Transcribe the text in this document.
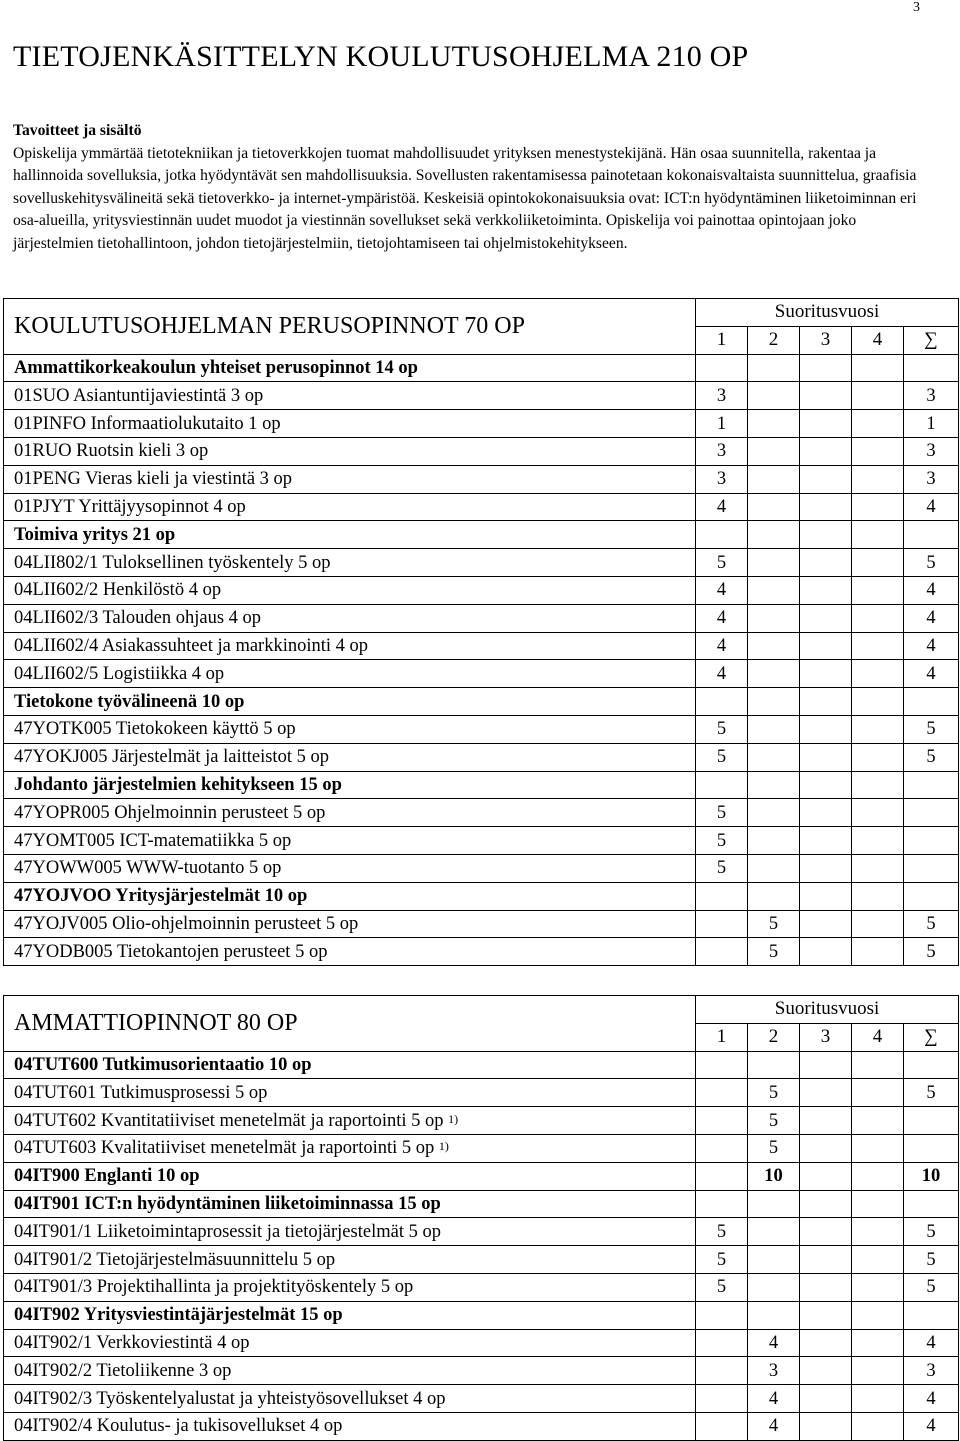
3
TIETOJENKÄSITTELYN KOULUTUSOHJELMA 210 OP
Tavoitteet ja sisältö

Opiskelija ymmärtää tietotekniikan ja tietoverkkojen tuomat mahdollisuudet yrityksen menestystekijänä. Hän osaa suunnitella, rakentaa ja hallinnoida sovelluksia, jotka hyödyntävät sen mahdollisuuksia. Sovellusten rakentamisessa painotetaan kokonaisvaltaista suunnittelua, graafisia sovelluskehitysvälineitä sekä tietoverkko- ja internet-ympäristöä. Keskeisiä opintokokonaisuuksia ovat: ICT:n hyödyntäminen liiketoiminnan eri osa-alueilla, yritysviestinnän uudet muodot ja viestinnän sovellukset sekä verkkoliiketoiminta. Opiskelija voi painottaa opintojaan joko järjestelmien tietohallintoon, johdon tietojärjestelmiin, tietojohtamiseen tai ohjelmistokehitykseen.

KOULUTUSOHJELMAN PERUSOPINNOT 70 OP	Suoritusvuosi				
	1	2	3	4	∑
Ammattikorkeakoulun yhteiset perusopinnot 14 op					
01SUO Asiantuntijaviestintä 3 op	3				3
01PINFO Informaatiolukutaito 1 op	1				1
01RUO Ruotsin kieli 3 op	3				3
01PENG Vieras kieli ja viestintä 3 op	3				3
01PJYT Yrittäjyysopinnot 4 op	4				4
Toimiva yritys 21 op					
04LII802/1 Tuloksellinen työskentely 5 op	5				5
04LII602/2 Henkilöstö 4 op	4				4
04LII602/3 Talouden ohjaus 4 op	4				4
04LII602/4 Asiakassuhteet ja markkinointi 4 op	4				4
04LII602/5 Logistiikka 4 op	4				4
Tietokone työvälineenä 10 op					
47YOTK005 Tietokokeen käyttö 5 op	5				5
47YOKJ005 Järjestelmät ja laitteistot 5 op	5				5
Johdanto järjestelmien kehitykseen 15 op					
47YOPR005 Ohjelmoinnin perusteet 5 op	5				
47YOMT005 ICT-matematiikka 5 op	5				
47YOWW005 WWW-tuotanto 5 op	5				
47YOJVOO Yritysjärjestelmät 10 op					
47YOJV005 Olio-ohjelmoinnin perusteet 5 op		5			5
47YODB005 Tietokantojen perusteet 5 op		5			5
AMMATTIOPINNOT 80 OP	Suoritusvuosi				
	1	2	3	4	∑
04TUT600 Tutkimusorientaatio 10 op					
04TUT601 Tutkimusprosessi 5 op		5			5
04TUT602 Kvantitatiiviset menetelmät ja raportointi 5 op $^{1)}$		5			
04TUT603 Kvalitatiiviset menetelmät ja raportointi 5 op $^{1)}$		5			
04IT900 Englanti 10 op		10			10
04IT901 ICT:n hyödyntäminen liiketoiminnassa 15 op					
04IT901/1 Liiketoimintaprosessit ja tietojärjestelmät 5 op	5				5
04IT901/2 Tietojärjestelmäsuunnittelu 5 op	5				5
04IT901/3 Projektihallinta ja projektityöskentely 5 op	5				5
04IT902 Yritysviestintäjärjestelmät 15 op					
04IT902/1 Verkkoviestintä 4 op		4			4
04IT902/2 Tietoliikenne 3 op		3			3
04IT902/3 Työskentelyalustat ja yhteistyösovellukset 4 op		4			4
04IT902/4 Koulutus- ja tukisovellukset 4 op		4			4
